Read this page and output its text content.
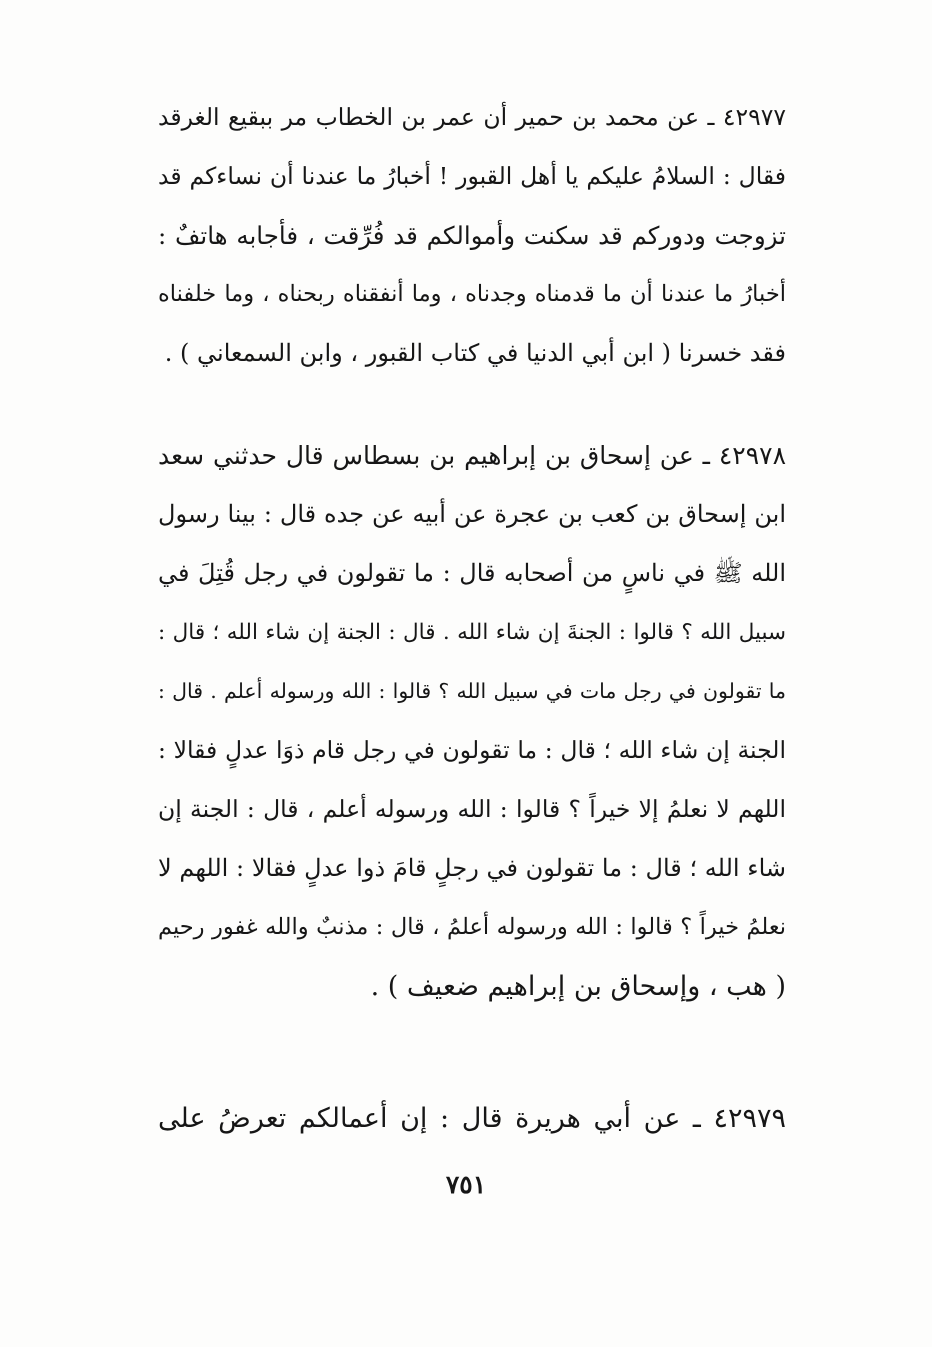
٤٢٩٧٧ ـ عن محمد بن حمير أن عمر بن الخطاب مر ببقيع الغرقد
فقال : السلامُ عليكم يا أهل القبور ! أخبارُ ما عندنا أن نساءكم قد
تزوجت ودوركم قد سكنت وأموالكم قد فُرِّقت ، فأجابه هاتفٌ :
أخبارُ ما عندنا أن ما قدمناه وجدناه ، وما أنفقناه ربحناه ، وما خلفناه
فقد خسرنا ( ابن أبي الدنيا في كتاب القبور ، وابن السمعاني ) .
٤٢٩٧٨ ـ عن إسحاق بن إبراهيم بن بسطاس قال حدثني سعد
ابن إسحاق بن كعب بن عجرة عن أبيه عن جده قال : بينا رسول
الله ﷺ في ناسٍ من أصحابه قال : ما تقولون في رجل قُتِلَ في
سبيل الله ؟ قالوا : الجنةَ إن شاء الله . قال : الجنة إن شاء الله ؛ قال :
ما تقولون في رجل مات في سبيل الله ؟ قالوا : الله ورسوله أعلم . قال :
الجنة إن شاء الله ؛ قال : ما تقولون في رجل قام ذوَا عدلٍ فقالا :
اللهم لا نعلمُ إلا خيراً ؟ قالوا : الله ورسوله أعلم ، قال : الجنة إن
شاء الله ؛ قال : ما تقولون في رجلٍ قامَ ذوا عدلٍ فقالا : اللهم لا
نعلمُ خيراً ؟ قالوا : الله ورسوله أعلمُ ، قال : مذنبٌ والله غفور رحيم
( هب ، وإسحاق بن إبراهيم ضعيف ) .
٤٢٩٧٩ ـ عن أبي هريرة قال : إن أعمالكم تعرضُ على
٧٥١
